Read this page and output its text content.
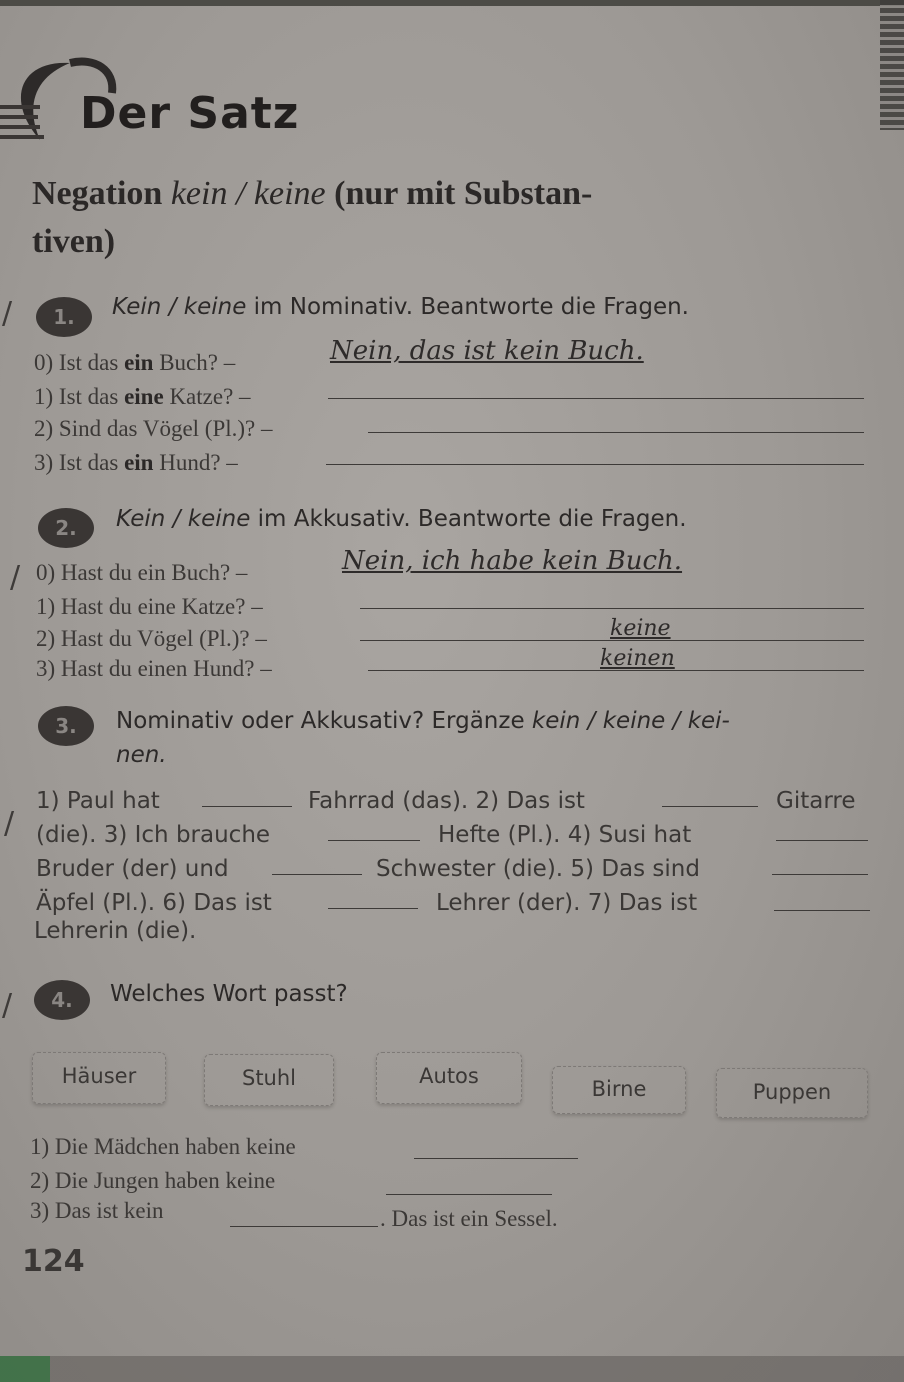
Der Satz
Negation kein / keine (nur mit Substan-
tiven)
/	1.	Kein / keine im Nominativ. Beantworte die Fragen.
0) Ist das ein Buch? –	Nein, das ist kein Buch.
1) Ist das eine Katze? –
2) Sind das Vögel (Pl.)? –
3) Ist das ein Hund? –
2.	Kein / keine im Akkusativ. Beantworte die Fragen.
/ 0) Hast du ein Buch? –	Nein, ich habe kein Buch.
1) Hast du eine Katze? –
2) Hast du Vögel (Pl.)? –	keine
3) Hast du einen Hund? –	keinen
3.	Nominativ oder Akkusativ? Ergänze kein / keine / kei-
nen.
/
1) Paul hat	Fahrrad (das). 2) Das ist	Gitarre
(die). 3) Ich brauche	Hefte (Pl.). 4) Susi hat
Bruder (der) und	Schwester (die). 5) Das sind
Äpfel (Pl.). 6) Das ist	Lehrer (der). 7) Das ist
Lehrerin (die).
/	4.	Welches Wort passt?
Häuser	Stuhl	Autos
Birne	Puppen
1) Die Mädchen haben keine
2) Die Jungen haben keine
3) Das ist kein	. Das ist ein Sessel.
124
